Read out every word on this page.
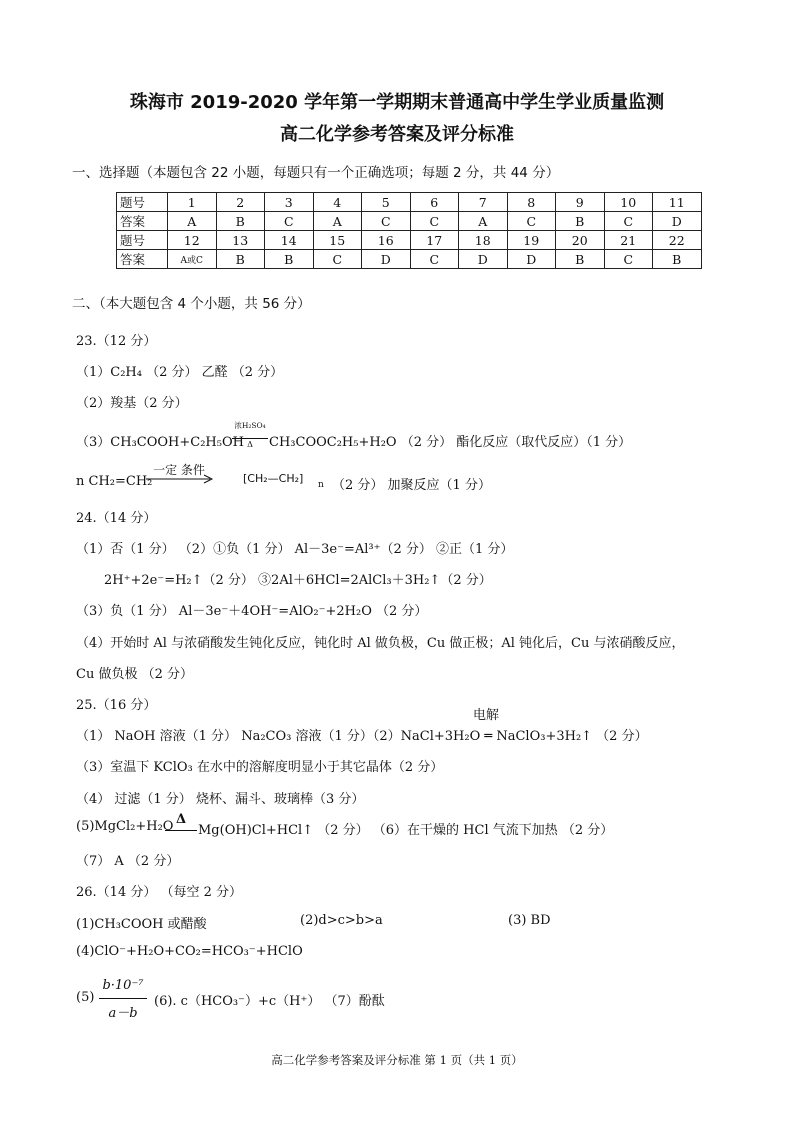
珠海市 2019-2020 学年第一学期期末普通高中学生学业质量监测
高二化学参考答案及评分标准
一、选择题（本题包含 22 小题，每题只有一个正确选项；每题 2 分，共 44 分）
题号	1	2	3	4	5	6	7	8	9	10	11
答案	A	B	C	A	C	C	A	C	B	C	D
题号	12	13	14	15	16	17	18	19	20	21	22
答案	A或C	B	B	C	D	C	D	D	B	C	B
二、（本大题包含 4 个小题，共 56 分）
23.（12 分）
（1）C₂H₄ （2 分） 乙醛 （2 分）
（2）羧基（2 分）
（3）CH₃COOH+C₂H₅OH
浓H₂SO₄
Δ	CH₃COOC₂H₅+H₂O （2 分） 酯化反应（取代反应）（1 分）
n CH₂=CH₂
一定 条件
[CH₂—CH₂] n （2 分） 加聚反应（1 分）
24.（14 分）
（1）否（1 分） （2）①负（1 分） Al－3e⁻=Al³⁺（2 分） ②正（1 分）
2H⁺+2e⁻=H₂↑（2 分） ③2Al＋6HCl=2AlCl₃＋3H₂↑（2 分）
（3）负（1 分） Al－3e⁻＋4OH⁻=AlO₂⁻+2H₂O （2 分）
（4）开始时 Al 与浓硝酸发生钝化反应，钝化时 Al 做负极，Cu 做正极；Al 钝化后，Cu 与浓硝酸反应，
Cu 做负极 （2 分）
25.（16 分）
电解
（1） NaOH 溶液（1 分） Na₂CO₃ 溶液（1 分）（2）NaCl+3H₂O ═ NaClO₃+3H₂↑ （2 分）
（3）室温下 KClO₃ 在水中的溶解度明显小于其它晶体（2 分）
（4） 过滤（1 分） 烧杯、漏斗、玻璃棒（3 分）
(5)MgCl₂+H₂O Δ
Mg(OH)Cl+HCl↑ （2 分） （6）在干燥的 HCl 气流下加热 （2 分）
（7） A （2 分）
26.（14 分） （每空 2 分）
(1)CH₃COOH 或醋酸	(2)d>c>b>a	(3) BD
(4)ClO⁻+H₂O+CO₂=HCO₃⁻+HClO
(5)
b·10⁻⁷
a－b
(6). c（HCO₃⁻）+c（H⁺） （7）酚酞
高二化学参考答案及评分标准 第 1 页（共 1 页）
